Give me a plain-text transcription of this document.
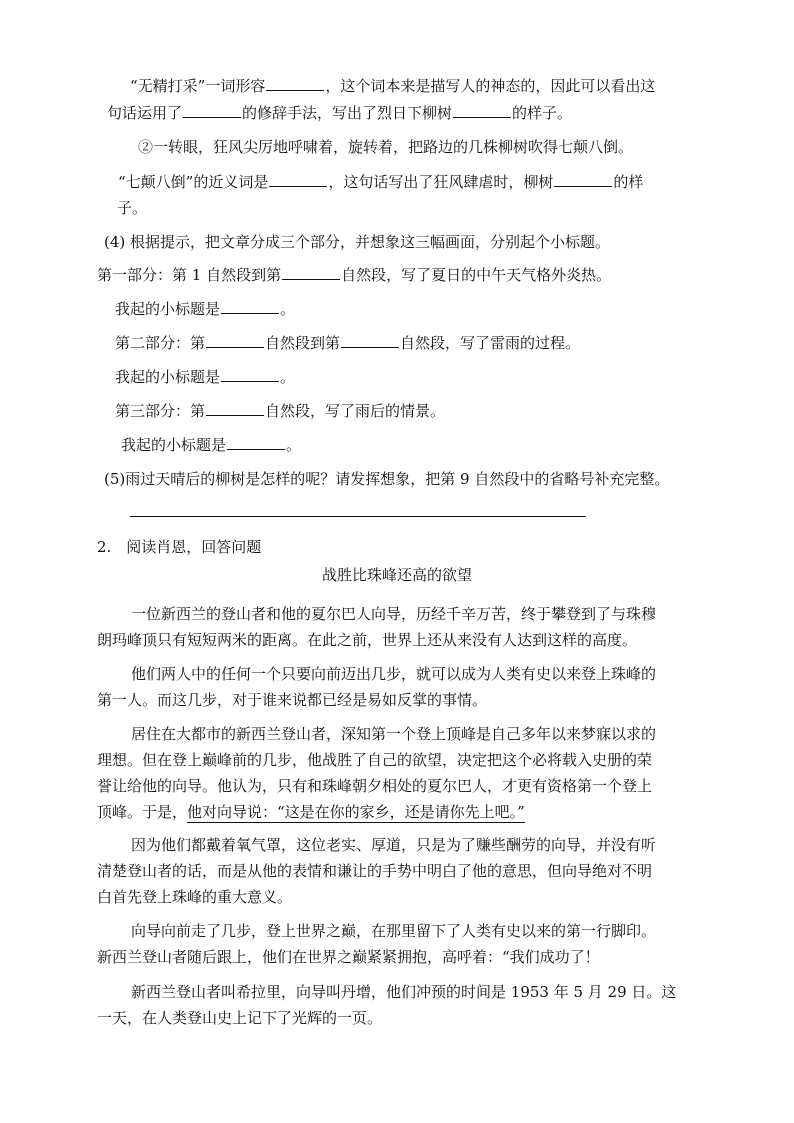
“无精打采”一词形容	，这个词本来是描写人的神态的，因此可以看出这
句话运用了	的修辞手法，写出了烈日下柳树	的样子。
②一转眼，狂风尖厉地呼啸着，旋转着，把路边的几株柳树吹得七颠八倒。
“七颠八倒”的近义词是	，这句话写出了狂风肆虐时，柳树	的样
子。
(4) 根据提示，把文章分成三个部分，并想象这三幅画面，分别起个小标题。
第一部分：第 1 自然段到第	自然段，写了夏日的中午天气格外炎热。
我起的小标题是	。
第二部分：第	自然段到第	自然段，写了雷雨的过程。
我起的小标题是	。
第三部分：第	自然段，写了雨后的情景。
我起的小标题是	。
(5)雨过天晴后的柳树是怎样的呢？请发挥想象，把第 9 自然段中的省略号补充完整。
2.　阅读肖恩，回答问题
战胜比珠峰还高的欲望
一位新西兰的登山者和他的夏尔巴人向导，历经千辛万苦，终于攀登到了与珠穆
朗玛峰顶只有短短两米的距离。在此之前，世界上还从来没有人达到这样的高度。
他们两人中的任何一个只要向前迈出几步，就可以成为人类有史以来登上珠峰的
第一人。而这几步，对于谁来说都已经是易如反掌的事情。
居住在大都市的新西兰登山者，深知第一个登上顶峰是自己多年以来梦寐以求的
理想。但在登上巅峰前的几步，他战胜了自己的欲望，决定把这个必将载入史册的荣
誉让给他的向导。他认为，只有和珠峰朝夕相处的夏尔巴人，才更有资格第一个登上
顶峰。于是，他对向导说：“这是在你的家乡，还是请你先上吧。”
因为他们都戴着氧气罩，这位老实、厚道，只是为了赚些酬劳的向导，并没有听
清楚登山者的话，而是从他的表情和谦让的手势中明白了他的意思，但向导绝对不明
白首先登上珠峰的重大意义。
向导向前走了几步，登上世界之巅，在那里留下了人类有史以来的第一行脚印。
新西兰登山者随后跟上，他们在世界之巅紧紧拥抱，高呼着：“我们成功了！
新西兰登山者叫希拉里，向导叫丹增，他们冲预的时间是 1953 年 5 月 29 日。这
一天，在人类登山史上记下了光辉的一页。
